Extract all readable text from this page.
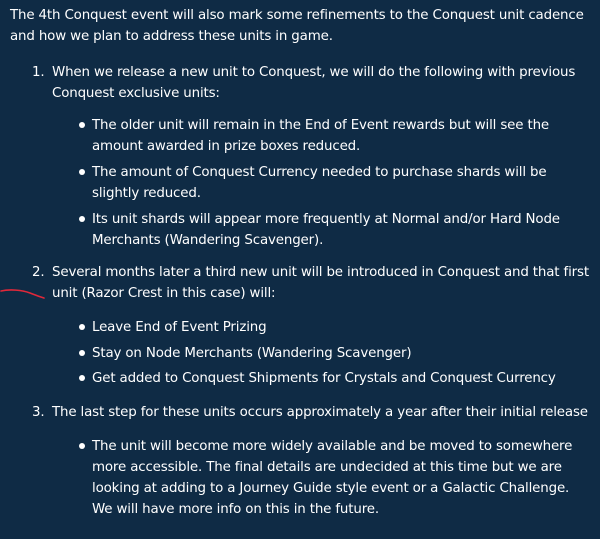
The 4th Conquest event will also mark some refinements to the Conquest unit cadence and how we plan to address these units in game.

1. When we release a new unit to Conquest, we will do the following with previous Conquest exclusive units:
The older unit will remain in the End of Event rewards but will see the amount awarded in prize boxes reduced.
The amount of Conquest Currency needed to purchase shards will be slightly reduced.
Its unit shards will appear more frequently at Normal and/or Hard Node Merchants (Wandering Scavenger).
2. Several months later a third new unit will be introduced in Conquest and that first unit (Razor Crest in this case) will:
Leave End of Event Prizing
Stay on Node Merchants (Wandering Scavenger)
Get added to Conquest Shipments for Crystals and Conquest Currency
3. The last step for these units occurs approximately a year after their initial release
The unit will become more widely available and be moved to somewhere more accessible. The final details are undecided at this time but we are looking at adding to a Journey Guide style event or a Galactic Challenge. We will have more info on this in the future.
